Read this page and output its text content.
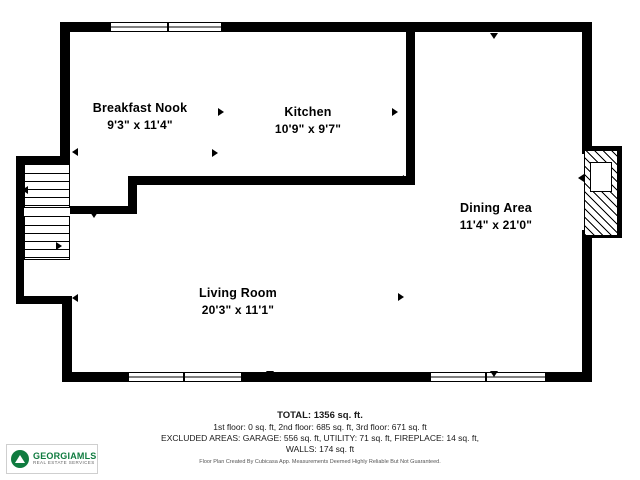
Breakfast Nook
9'3" x 11'4"
Kitchen
10'9" x 9'7"
Dining Area
11'4" x 21'0"
Living Room
20'3" x 11'1"
TOTAL: 1356 sq. ft.
1st floor: 0 sq. ft, 2nd floor: 685 sq. ft, 3rd floor: 671 sq. ft
EXCLUDED AREAS: GARAGE: 556 sq. ft, UTILITY: 71 sq. ft, FIREPLACE: 14 sq. ft,
WALLS: 174 sq. ft
Floor Plan Created By Cubicasa App. Measurements Deemed Highly Reliable But Not Guaranteed.
GEORGIAMLS
REAL ESTATE SERVICES
